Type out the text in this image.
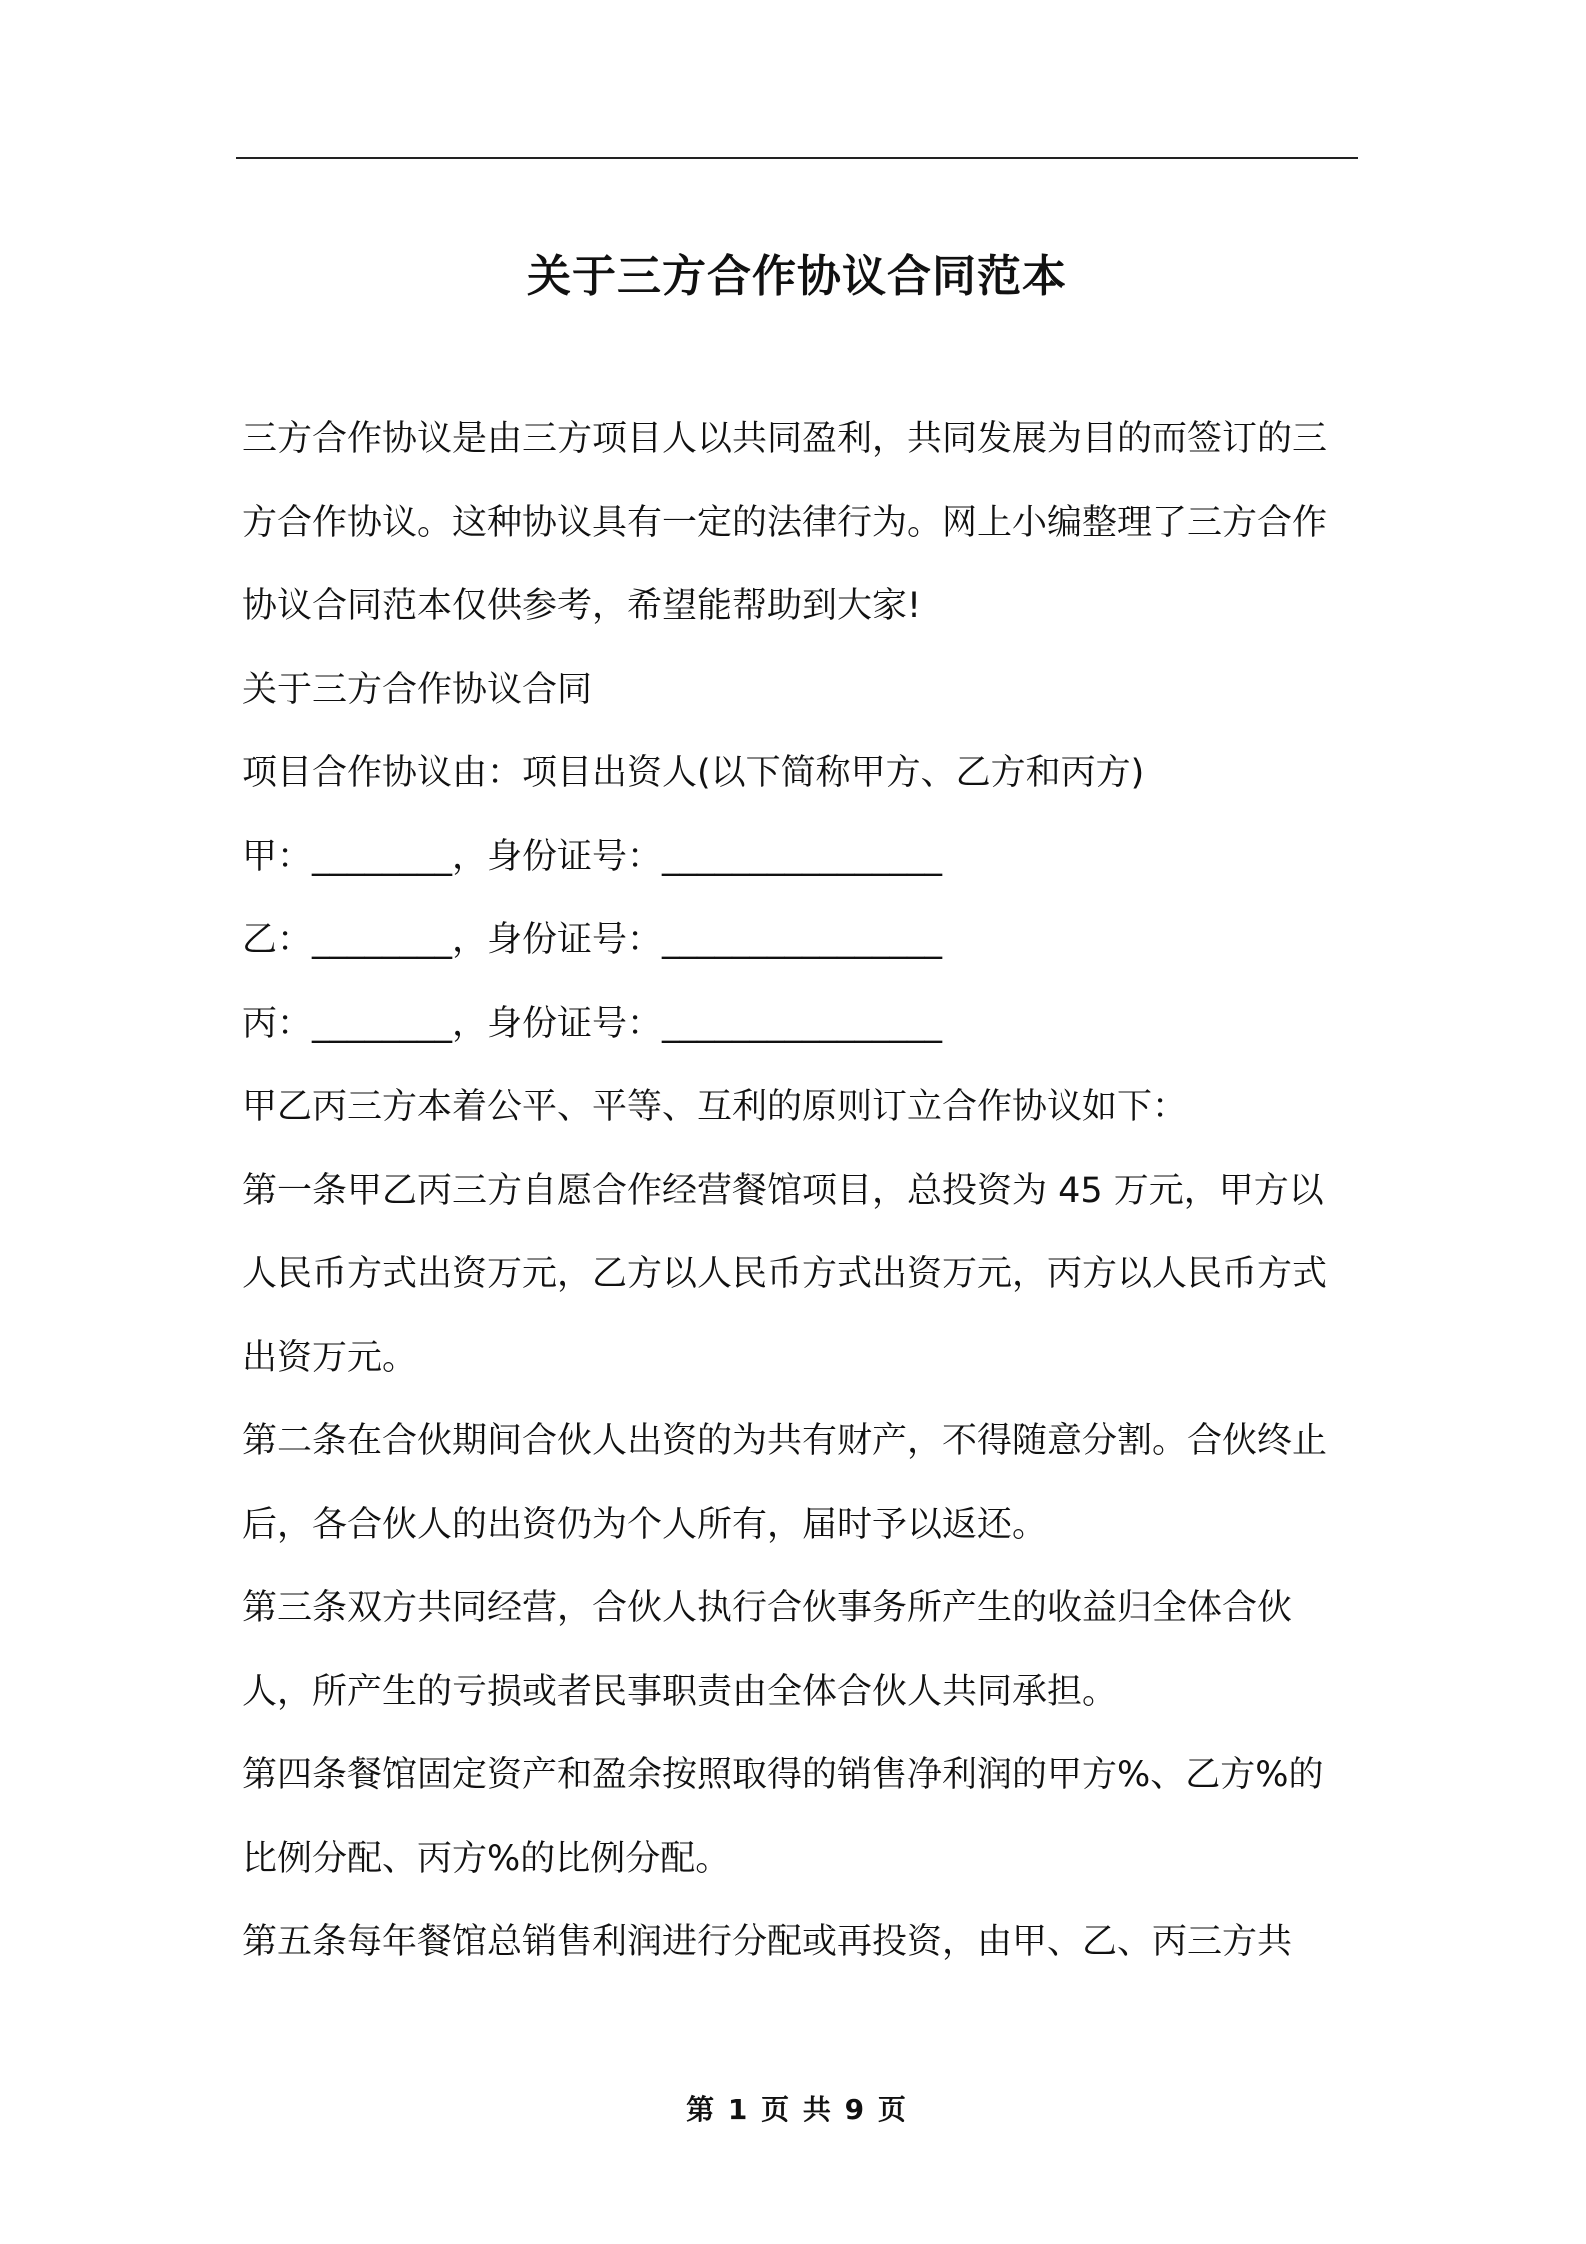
关于三方合作协议合同范本

三方合作协议是由三方项目人以共同盈利，共同发展为目的而签订的三方合作协议。这种协议具有一定的法律行为。网上小编整理了三方合作协议合同范本仅供参考，希望能帮助到大家!

关于三方合作协议合同

项目合作协议由：项目出资人(以下简称甲方、乙方和丙方)

甲：________，身份证号：________________

乙：________，身份证号：________________

丙：________，身份证号：________________

甲乙丙三方本着公平、平等、互利的原则订立合作协议如下：

第一条甲乙丙三方自愿合作经营餐馆项目，总投资为 45 万元，甲方以人民币方式出资万元，乙方以人民币方式出资万元，丙方以人民币方式出资万元。

第二条在合伙期间合伙人出资的为共有财产，不得随意分割。合伙终止后，各合伙人的出资仍为个人所有，届时予以返还。

第三条双方共同经营，合伙人执行合伙事务所产生的收益归全体合伙人，所产生的亏损或者民事职责由全体合伙人共同承担。

第四条餐馆固定资产和盈余按照取得的销售净利润的甲方%、乙方%的比例分配、丙方%的比例分配。

第五条每年餐馆总销售利润进行分配或再投资，由甲、乙、丙三方共

第 1 页 共 9 页
